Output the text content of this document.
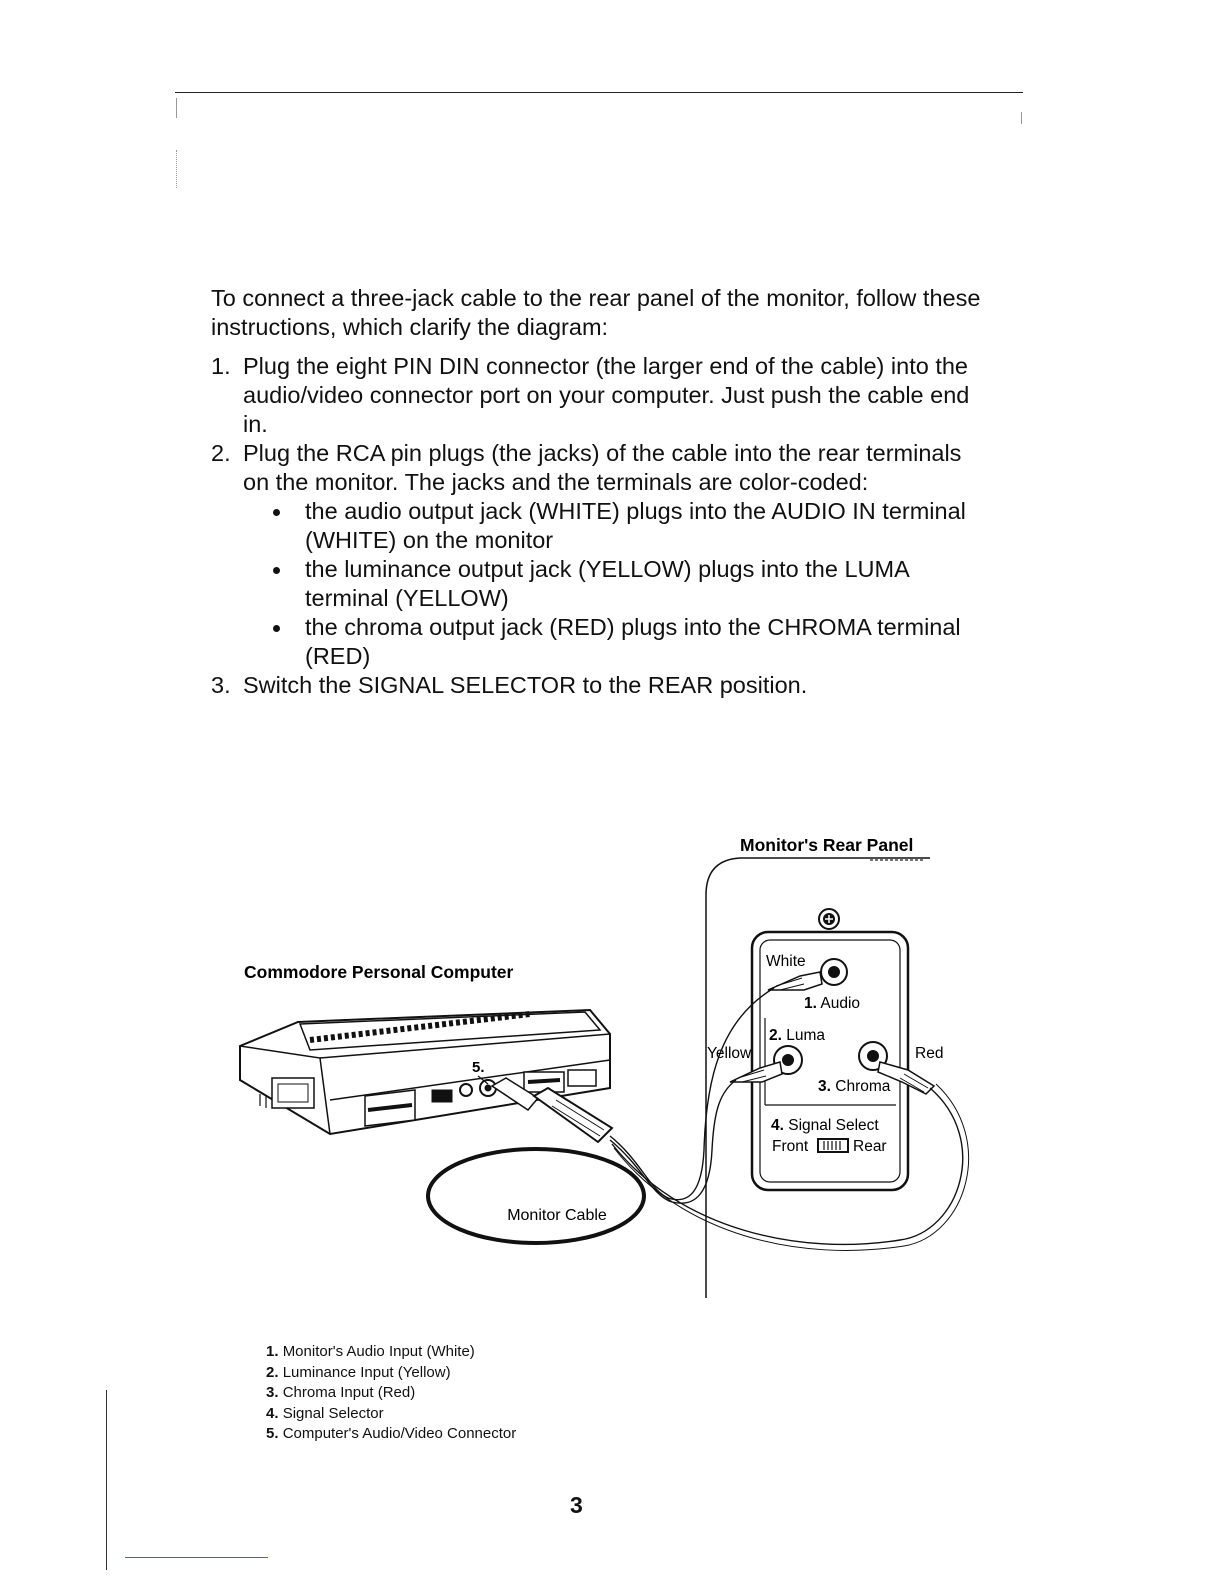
To connect a three-jack cable to the rear panel of the monitor, follow these instructions, which clarify the diagram:

1. Plug the eight PIN DIN connector (the larger end of the cable) into the audio/video connector port on your computer. Just push the cable end in.
2. Plug the RCA pin plugs (the jacks) of the cable into the rear terminals on the monitor. The jacks and the terminals are color-coded:
the audio output jack (WHITE) plugs into the AUDIO IN terminal (WHITE) on the monitor
the luminance output jack (YELLOW) plugs into the LUMA terminal (YELLOW)
the chroma output jack (RED) plugs into the CHROMA terminal (RED)
3. Switch the SIGNAL SELECTOR to the REAR position.
Monitor's Rear Panel
White
1. Audio
2. Luma
Yellow	Red
3. Chroma
4. Signal Select
Front	Rear
Commodore Personal Computer
5.
Monitor Cable
1. Monitor's Audio Input (White)
2. Luminance Input (Yellow)
3. Chroma Input (Red)
4. Signal Selector
5. Computer's Audio/Video Connector
3
